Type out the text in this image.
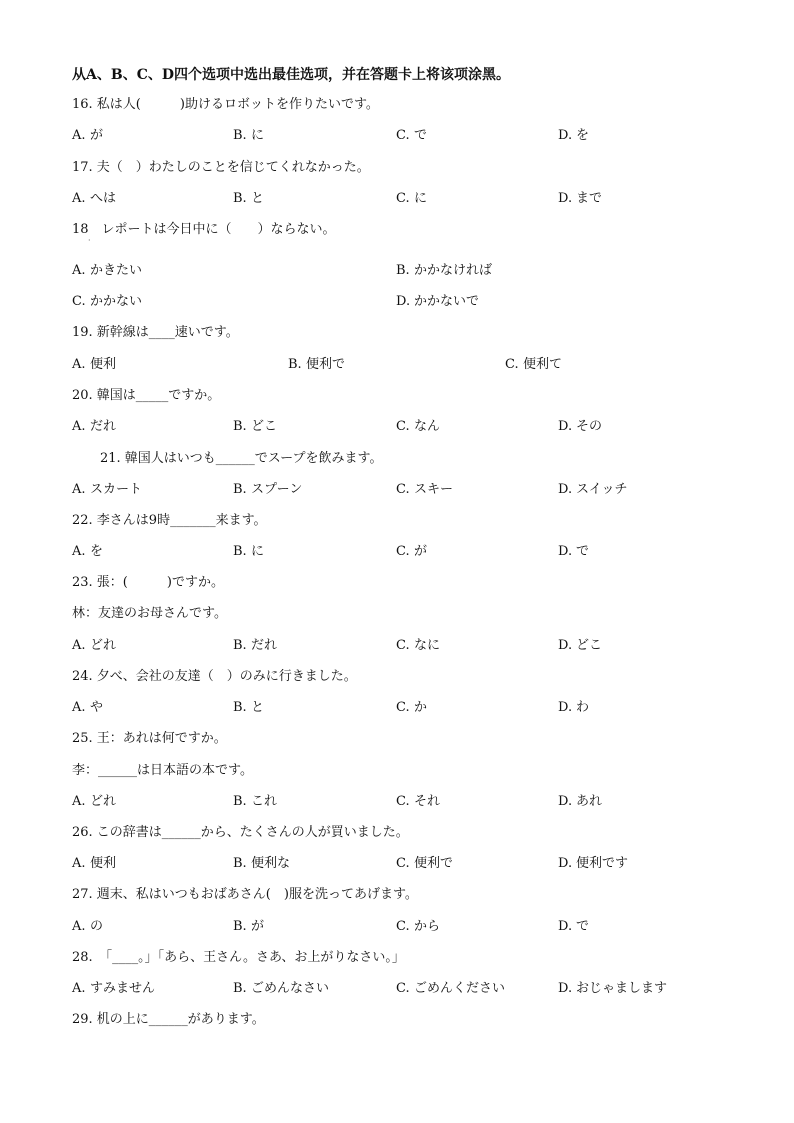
从A、B、C、D四个选项中选出最佳选项，并在答题卡上将该项涂黑。
16. 私は人(　　　)助けるロボットを作りたいです。
A. が	B. に	C. で	D. を
17. 夫（　）わたしのことを信じてくれなかった。
A. へは	B. と	C. に	D. まで
18　レポートは今日中に（　　）ならない。
·
A. かきたい	B. かかなければ
C. かかない	D. かかないで
19. 新幹線は____速いです。
A. 便利	B. 便利で	C. 便利て
20. 韓国は_____ですか。
A. だれ	B. どこ	C. なん	D. その
21. 韓国人はいつも______でスープを飲みます。
A. スカート	B. スプーン	C. スキー	D. スイッチ
22. 李さんは9時_______来ます。
A. を	B. に	C. が	D. で
23. 張：(　　　)ですか。
林：友達のお母さんです。
A. どれ	B. だれ	C. なに	D. どこ
24. 夕べ、会社の友達（　）のみに行きました。
A. や	B. と	C. か	D. わ
25. 王：あれは何ですか。
李：______は日本語の本です。
A. どれ	B. これ	C. それ	D. あれ
26. この辞書は______から、たくさんの人が買いました。
A. 便利	B. 便利な	C. 便利で	D. 便利です
27. 週末、私はいつもおばあさん(　)服を洗ってあげます。
A. の	B. が	C. から	D. で
28.　「____。」「あら、王さん。さあ、お上がりなさい。」
A. すみません	B. ごめんなさい	C. ごめんください	D. おじゃまします
29. 机の上に______があります。
